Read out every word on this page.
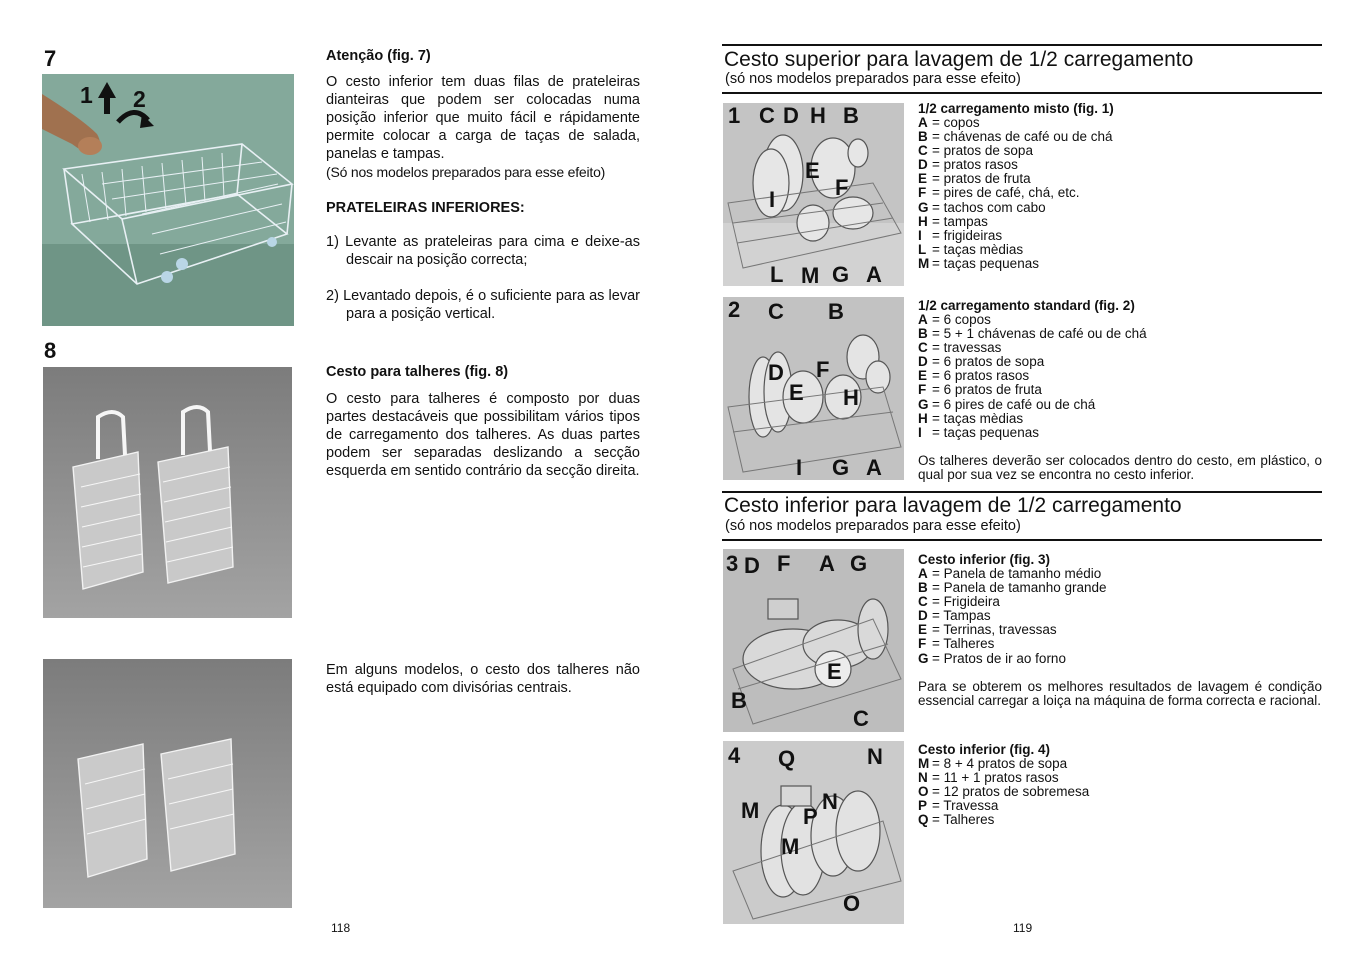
7
1 2
8
Atenção (fig. 7)
O cesto inferior tem duas filas de prateleiras dianteiras que podem ser colocadas numa posição inferior que muito fácil e rápidamente permite colocar a carga de taças de salada, panelas e tampas.
(Só nos modelos preparados para esse efeito)
PRATELEIRAS INFERIORES:
1) Levante as prateleiras para cima e deixe-as descair na posição correcta;
2) Levantado depois, é o suficiente para as levar para a posição vertical.
Cesto para talheres (fig. 8)
O cesto para talheres é composto por duas partes destacáveis que possibilitam vários tipos de carregamento dos talheres. As duas partes podem ser separadas deslizando a secção esquerda em sentido contrário da secção direita.
Em alguns modelos, o cesto dos talheres não está equipado com divisórias centrais.
118
Cesto superior para lavagem de 1/2 carregamento
(só nos modelos preparados para esse efeito)
1 C D H B
E
F
I
L M G A
1/2 carregamento misto (fig. 1)
A = copos
B = chávenas de café ou de chá
C = pratos de sopa
D = pratos rasos
E = pratos de fruta
F = pires de café, chá, etc.
G = tachos com cabo
H = tampas
I = frigideiras
L = taças mèdias
M = taças pequenas
2 C B
D F
E H
I G A
1/2 carregamento standard (fig. 2)
A = 6 copos
B = 5 + 1 chávenas de café ou de chá
C = travessas
D = 6 pratos de sopa
E = 6 pratos rasos
F = 6 pratos de fruta
G = 6 pires de café ou de chá
H = taças mèdias
I = taças pequenas
Os talheres deverão ser colocados dentro do cesto, em plástico, o qual por sua vez se encontra no cesto inferior.
Cesto inferior para lavagem de 1/2 carregamento
(só nos modelos preparados para esse efeito)
3 D F A G
E
B
C
Cesto inferior (fig. 3)
A = Panela de tamanho médio
B = Panela de tamanho grande
C = Frigideira
D = Tampas
E = Terrinas, travessas
F = Talheres
G = Pratos de ir ao forno
Para se obterem os melhores resultados de lavagem é condição essencial carregar a loiça na máquina de forma correcta e racional.
4 Q	N
M P
N
M
O
Cesto inferior (fig. 4)
M = 8 + 4 pratos de sopa
N = 11 + 1 pratos rasos
O = 12 pratos de sobremesa
P = Travessa
Q = Talheres
119
